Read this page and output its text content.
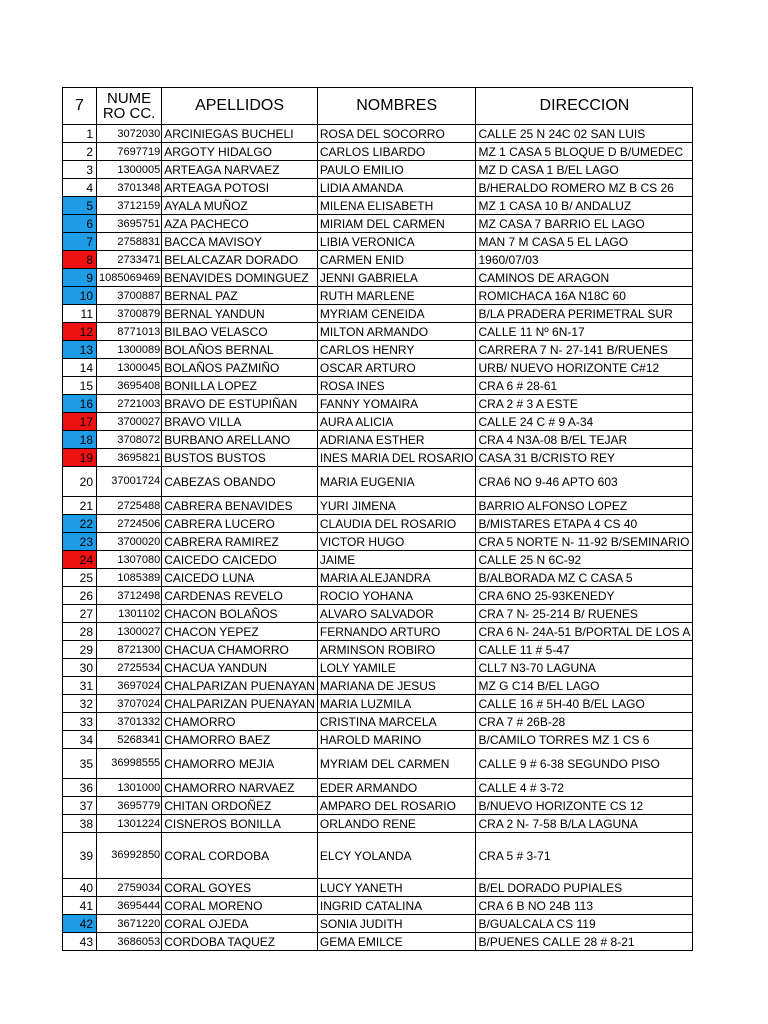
7	NUME RO CC.	APELLIDOS	NOMBRES	DIRECCION
1	3072030	ARCINIEGAS BUCHELI	ROSA DEL SOCORRO	CALLE 25 N 24C 02 SAN LUIS
2	7697719	ARGOTY HIDALGO	CARLOS LIBARDO	MZ 1 CASA 5 BLOQUE D B/UMEDEC
3	1300005	ARTEAGA NARVAEZ	PAULO EMILIO	MZ D CASA 1 B/EL LAGO
4	3701348	ARTEAGA POTOSI	LIDIA AMANDA	B/HERALDO ROMERO MZ B CS 26
5	3712159	AYALA MUÑOZ	MILENA ELISABETH	MZ 1 CASA 10 B/ ANDALUZ
6	3695751	AZA PACHECO	MIRIAM DEL CARMEN	MZ CASA 7 BARRIO EL LAGO
7	2758831	BACCA MAVISOY	LIBIA VERONICA	MAN 7 M CASA 5 EL LAGO
8	2733471	BELALCAZAR DORADO	CARMEN ENID	1960/07/03
9	1085069469	BENAVIDES DOMINGUEZ	JENNI GABRIELA	CAMINOS DE ARAGON
10	3700887	BERNAL PAZ	RUTH MARLENE	ROMICHACA 16A N18C 60
11	3700879	BERNAL YANDUN	MYRIAM CENEIDA	B/LA PRADERA PERIMETRAL SUR
12	8771013	BILBAO VELASCO	MILTON ARMANDO	CALLE 11 Nº 6N-17
13	1300089	BOLAÑOS BERNAL	CARLOS HENRY	CARRERA 7 N- 27-141 B/RUENES
14	1300045	BOLAÑOS PAZMIÑO	OSCAR ARTURO	URB/ NUEVO HORIZONTE C#12
15	3695408	BONILLA LOPEZ	ROSA INES	CRA 6 # 28-61
16	2721003	BRAVO DE ESTUPIÑAN	FANNY YOMAIRA	CRA 2 # 3 A ESTE
17	3700027	BRAVO VILLA	AURA ALICIA	CALLE 24 C # 9 A-34
18	3708072	BURBANO ARELLANO	ADRIANA ESTHER	CRA 4 N3A-08 B/EL TEJAR
19	3695821	BUSTOS BUSTOS	INES MARIA DEL ROSARIO	CASA 31 B/CRISTO REY
20	37001724	CABEZAS OBANDO	MARIA EUGENIA	CRA6 NO 9-46 APTO 603
21	2725488	CABRERA BENAVIDES	YURI JIMENA	BARRIO ALFONSO LOPEZ
22	2724506	CABRERA LUCERO	CLAUDIA DEL ROSARIO	B/MISTARES ETAPA 4 CS 40
23	3700020	CABRERA RAMIREZ	VICTOR HUGO	CRA 5 NORTE N- 11-92 B/SEMINARIO
24	1307080	CAICEDO CAICEDO	JAIME	CALLE 25 N 6C-92
25	1085389	CAICEDO LUNA	MARIA ALEJANDRA	B/ALBORADA MZ C CASA 5
26	3712498	CARDENAS REVELO	ROCIO YOHANA	CRA 6NO 25-93KENEDY
27	1301102	CHACON BOLAÑOS	ALVARO SALVADOR	CRA 7 N- 25-214 B/ RUENES
28	1300027	CHACON YEPEZ	FERNANDO ARTURO	CRA 6 N- 24A-51 B/PORTAL DE LOS A
29	8721300	CHACUA CHAMORRO	ARMINSON ROBIRO	CALLE 11 # 5-47
30	2725534	CHACUA YANDUN	LOLY YAMILE	CLL7 N3-70 LAGUNA
31	3697024	CHALPARIZAN PUENAYAN	MARIANA DE JESUS	MZ G C14 B/EL LAGO
32	3707024	CHALPARIZAN PUENAYAN	MARIA LUZMILA	CALLE 16 # 5H-40 B/EL LAGO
33	3701332	CHAMORRO	CRISTINA MARCELA	CRA 7 # 26B-28
34	5268341	CHAMORRO BAEZ	HAROLD MARINO	B/CAMILO TORRES MZ 1 CS 6
35	36998555	CHAMORRO MEJIA	MYRIAM DEL CARMEN	CALLE 9 # 6-38 SEGUNDO PISO
36	1301000	CHAMORRO NARVAEZ	EDER ARMANDO	CALLE 4 # 3-72
37	3695779	CHITAN ORDOÑEZ	AMPARO DEL ROSARIO	B/NUEVO HORIZONTE CS 12
38	1301224	CISNEROS BONILLA	ORLANDO RENE	CRA 2 N- 7-58 B/LA LAGUNA
39	36992850	CORAL CORDOBA	ELCY YOLANDA	CRA 5 # 3-71
40	2759034	CORAL GOYES	LUCY YANETH	B/EL DORADO PUPIALES
41	3695444	CORAL MORENO	INGRID CATALINA	CRA 6 B NO 24B 113
42	3671220	CORAL OJEDA	SONIA JUDITH	B/GUALCALA CS 119
43	3686053	CORDOBA TAQUEZ	GEMA EMILCE	B/PUENES CALLE 28 # 8-21
